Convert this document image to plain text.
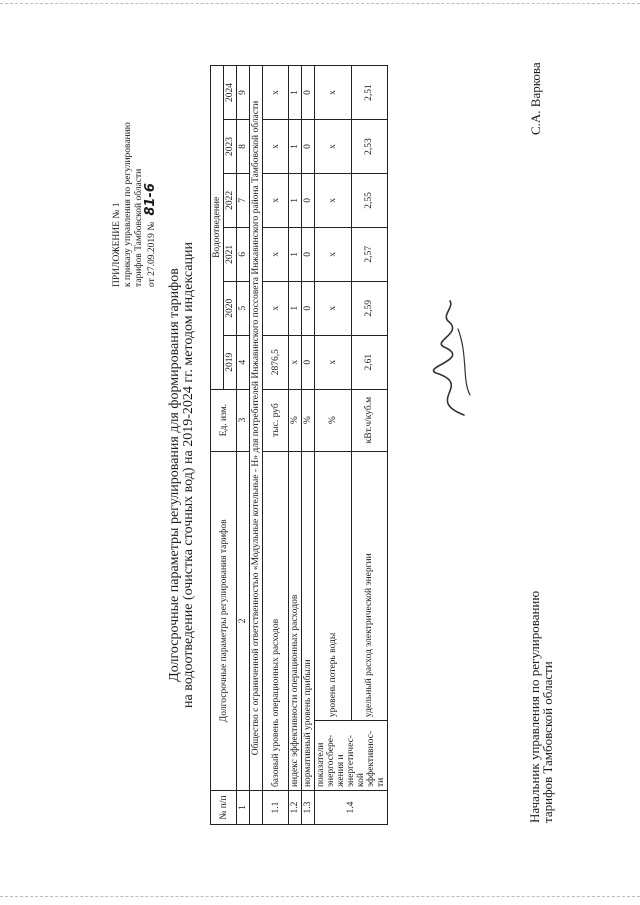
ПРИЛОЖЕНИЕ № 1 к приказу управления по регулированию тарифов Тамбовской области от 27.09.2019 №81-6
Долгосрочные параметры регулирования для формирования тарифов на водоотведение (очистка сточных вод) на 2019-2024 гг. методом индексации
№ п/п	Долгосрочные параметры регулирования тарифов		Ед. изм.	Водоотведение					
				2019	2020	2021	2022	2023	2024
1	2		3	4	5	6	7	8	9
	Общество с ограниченной ответственностью «Модульные котельные - Н» для потребителей Инжавинского поссовета Инжавинского района Тамбовской области								
1.1	базовый уровень операционных расходов		тыс. руб	2876,5	х	х	х	х	х
1.2	индекс эффективности операционных расходов		%	х	1	1	1	1	1
1.3	нормативный уровень прибыли		%	0	0	0	0	0	0
1.4	показатели энергосбере-жения и энергетичес-кой эффективнос-ти	уровень потерь воды	%	х	х	х	х	х	х
		удельный расход электрической энергии	кВт.ч/куб.м	2,61	2,59	2,57	2,55	2,53	2,51
Начальник управления по регулированию
тарифов Тамбовской области
С.А. Варкова
